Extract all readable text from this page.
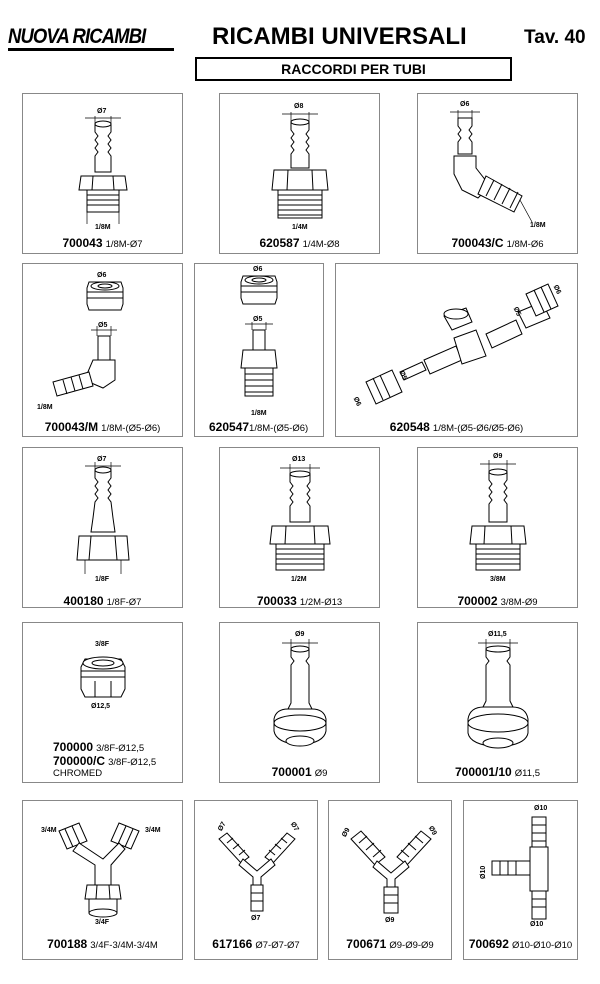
NUOVA RICAMBI	RICAMBI UNIVERSALI	Tav. 40
RACCORDI PER TUBI
Ø7
1/8M
700043 1/8M-Ø7
Ø8
1/4M
620587 1/4M-Ø8
Ø6
1/8M
700043/C 1/8M-Ø6
Ø6
Ø5
1/8M
700043/M 1/8M-(Ø5-Ø6)
Ø6
Ø5
1/8M
6205471/8M-(Ø5-Ø6)
Ø6
Ø5
Ø5
Ø6
620548 1/8M-(Ø5-Ø6/Ø5-Ø6)
Ø7
1/8F
400180 1/8F-Ø7
Ø13
1/2M
700033 1/2M-Ø13
Ø9
3/8M
700002 3/8M-Ø9
3/8F
Ø12,5
700000 3/8F-Ø12,5
700000/C 3/8F-Ø12,5
CHROMED
Ø9
700001 Ø9
Ø11,5
700001/10 Ø11,5
3/4M	3/4M
3/4F
700188 3/4F-3/4M-3/4M
Ø7	Ø7
Ø7
617166 Ø7-Ø7-Ø7
Ø9	Ø9
Ø9
700671 Ø9-Ø9-Ø9
Ø10
Ø10
Ø10
700692 Ø10-Ø10-Ø10
